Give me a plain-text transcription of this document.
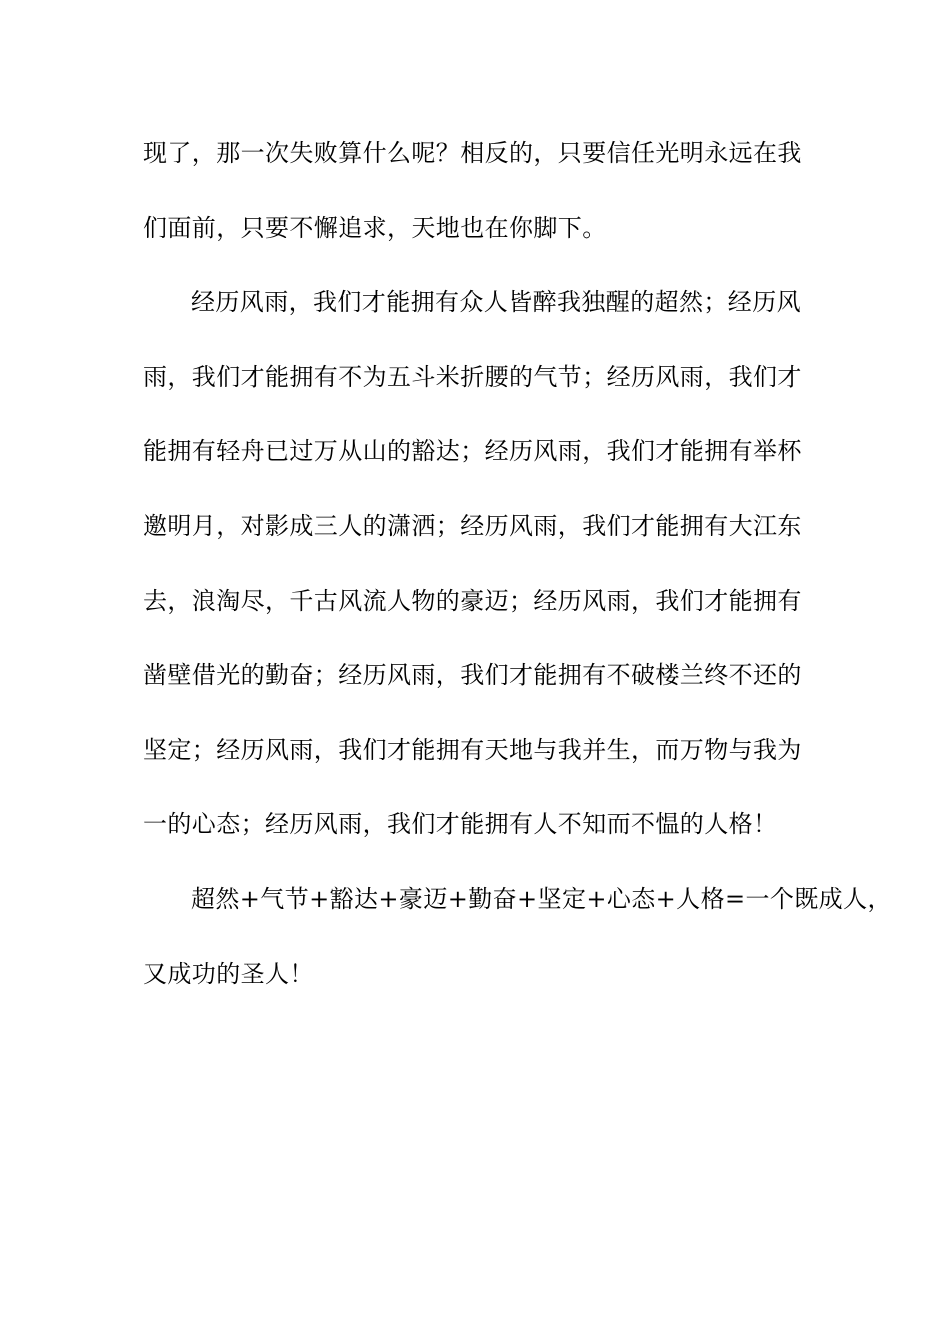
现了，那一次失败算什么呢？相反的，只要信任光明永远在我
们面前，只要不懈追求，天地也在你脚下。
经历风雨，我们才能拥有众人皆醉我独醒的超然；经历风
雨，我们才能拥有不为五斗米折腰的气节；经历风雨，我们才
能拥有轻舟已过万从山的豁达；经历风雨，我们才能拥有举杯
邀明月，对影成三人的潇洒；经历风雨，我们才能拥有大江东
去，浪淘尽，千古风流人物的豪迈；经历风雨，我们才能拥有
凿壁借光的勤奋；经历风雨，我们才能拥有不破楼兰终不还的
坚定；经历风雨，我们才能拥有天地与我并生，而万物与我为
一的心态；经历风雨，我们才能拥有人不知而不愠的人格！
超然+气节+豁达+豪迈+勤奋+坚定+心态+人格=一个既成人，
又成功的圣人！
